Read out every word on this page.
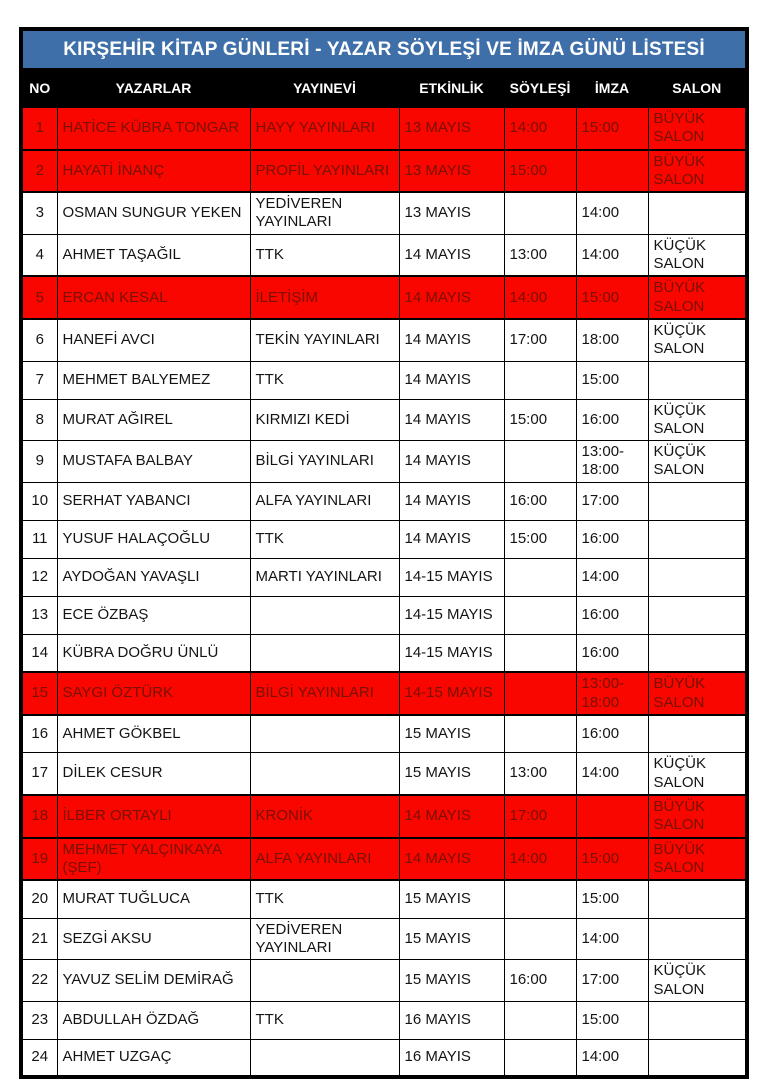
KIRŞEHİR KİTAP GÜNLERİ - YAZAR SÖYLEŞİ VE İMZA GÜNÜ LİSTESİ						
NO	YAZARLAR	YAYINEVİ	ETKİNLİK	SÖYLEŞİ	İMZA	SALON
1	HATİCE KÜBRA TONGAR	HAYY YAYINLARI	13 MAYIS	14:00	15:00	BÜYÜK SALON
2	HAYATİ İNANÇ	PROFİL YAYINLARI	13 MAYIS	15:00		BÜYÜK SALON
3	OSMAN SUNGUR YEKEN	YEDİVEREN YAYINLARI	13 MAYIS		14:00	
4	AHMET TAŞAĞIL	TTK	14 MAYIS	13:00	14:00	KÜÇÜK SALON
5	ERCAN KESAL	İLETİŞİM	14 MAYIS	14:00	15:00	BÜYÜK SALON
6	HANEFİ AVCI	TEKİN YAYINLARI	14 MAYIS	17:00	18:00	KÜÇÜK SALON
7	MEHMET BALYEMEZ	TTK	14 MAYIS		15:00	
8	MURAT AĞIREL	KIRMIZI KEDİ	14 MAYIS	15:00	16:00	KÜÇÜK SALON
9	MUSTAFA BALBAY	BİLGİ YAYINLARI	14 MAYIS		13:00-18:00	KÜÇÜK SALON
10	SERHAT YABANCI	ALFA YAYINLARI	14 MAYIS	16:00	17:00	
11	YUSUF HALAÇOĞLU	TTK	14 MAYIS	15:00	16:00	
12	AYDOĞAN YAVAŞLI	MARTI YAYINLARI	14-15 MAYIS		14:00	
13	ECE ÖZBAŞ		14-15 MAYIS		16:00	
14	KÜBRA DOĞRU ÜNLÜ		14-15 MAYIS		16:00	
15	SAYGI ÖZTÜRK	BİLGİ YAYINLARI	14-15 MAYIS		13:00-18:00	BÜYÜK SALON
16	AHMET GÖKBEL		15 MAYIS		16:00	
17	DİLEK CESUR		15 MAYIS	13:00	14:00	KÜÇÜK SALON
18	İLBER ORTAYLI	KRONİK	14 MAYIS	17:00		BÜYÜK SALON
19	MEHMET YALÇINKAYA (ŞEF)	ALFA YAYINLARI	14 MAYIS	14:00	15:00	BÜYÜK SALON
20	MURAT TUĞLUCA	TTK	15 MAYIS		15:00	
21	SEZGİ AKSU	YEDİVEREN YAYINLARI	15 MAYIS		14:00	
22	YAVUZ SELİM DEMİRAĞ		15 MAYIS	16:00	17:00	KÜÇÜK SALON
23	ABDULLAH ÖZDAĞ	TTK	16 MAYIS		15:00	
24	AHMET UZGAÇ		16 MAYIS		14:00	
